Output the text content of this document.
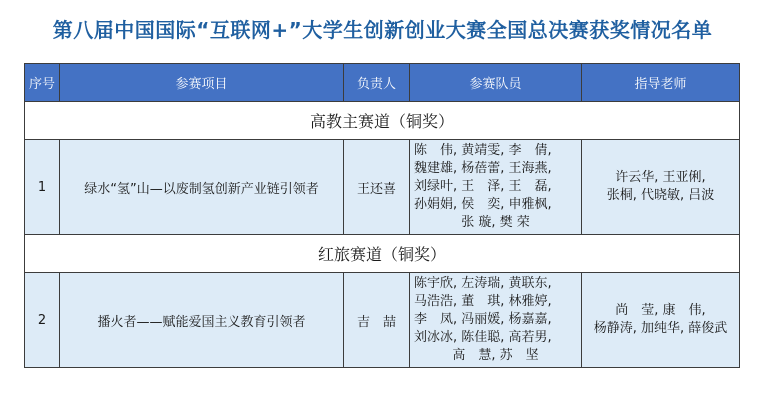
第八届中国国际“互联网+”大学生创新创业大赛全国总决赛获奖情况名单
序号	参赛项目	负责人	参赛队员	指导老师
高教主赛道（铜奖）				
1	绿水“氢”山—以废制氢创新产业链引领者	王还喜	陈　伟, 黄靖雯, 李　倩,
魏建雄, 杨蓓蕾, 王海燕,
刘绿叶, 王　泽, 王　磊,
孙娟娟, 侯　奕, 申雅枫,
张 璇, 樊 荣	许云华, 王亚俐,
张桐, 代晓敏, 吕波

红旅赛道（铜奖）				
2	播火者——赋能爱国主义教育引领者	吉　喆	陈宇欣, 左涛瑞, 黄联东,
马浩浩, 董　琪, 林雅婷,
李　凤, 冯丽媛, 杨嘉嘉,
刘冰冰, 陈佳聪, 高若男,
高　慧, 苏　坚	尚　莹, 康　伟,
杨静涛, 加纯华, 薛俊武
